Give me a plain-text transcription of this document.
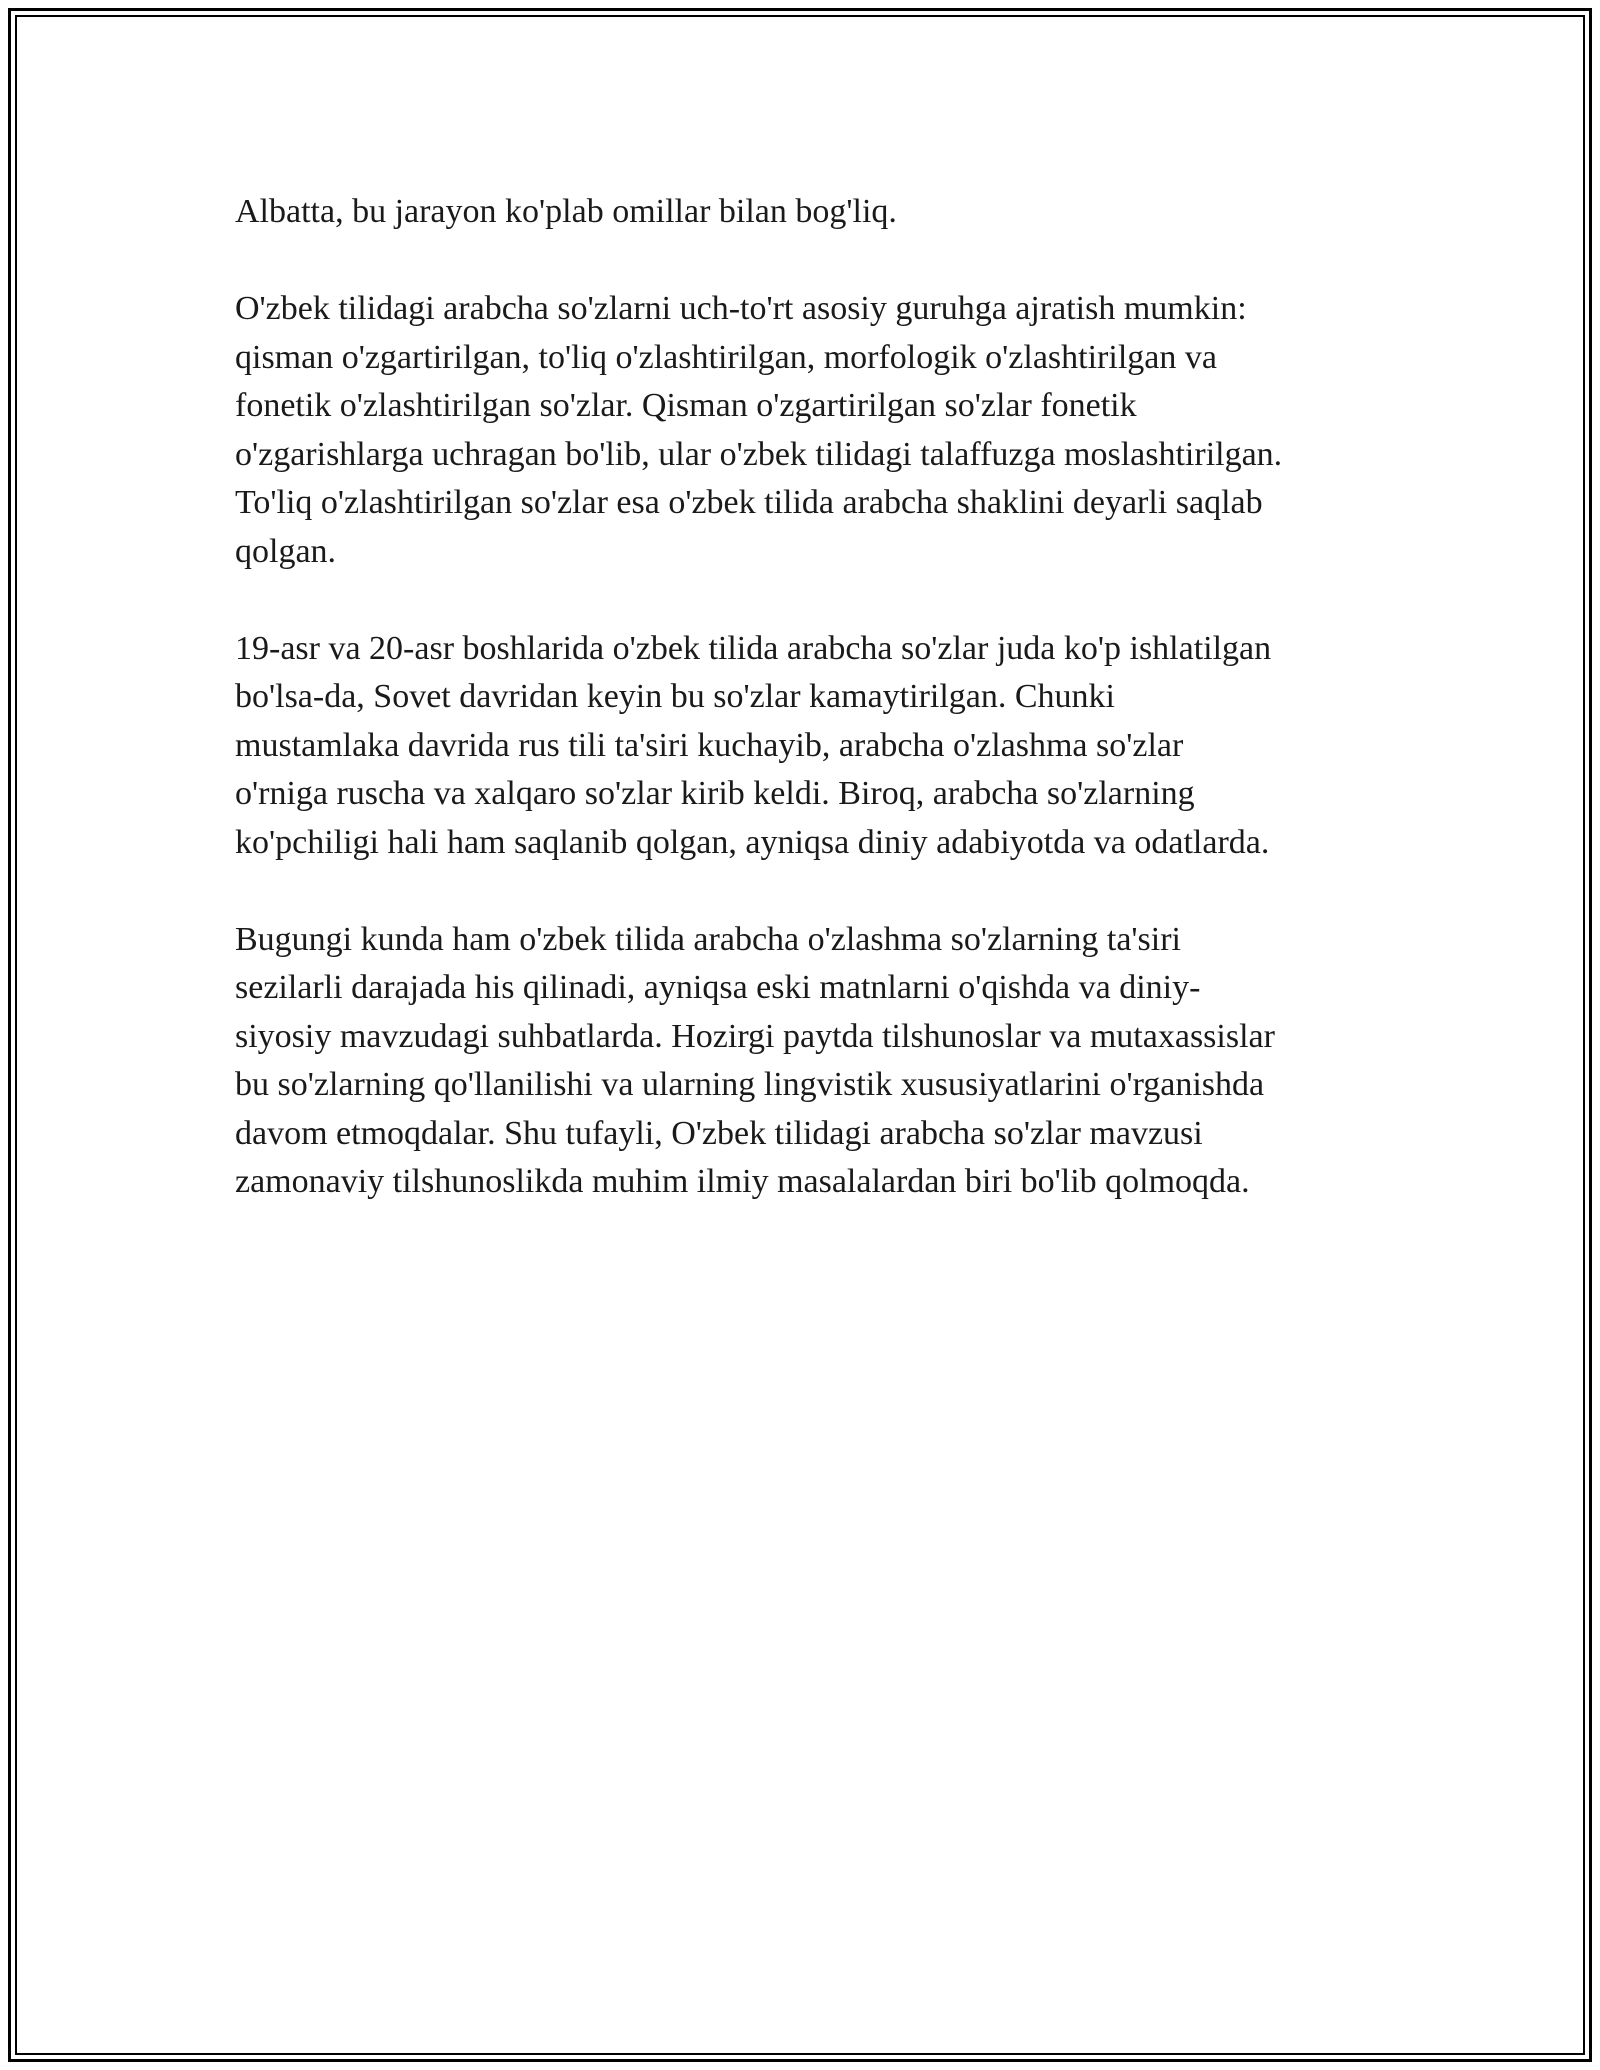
Albatta, bu jarayon ko'plab omillar bilan bog'liq.

O'zbek tilidagi arabcha so'zlarni uch-to'rt asosiy guruhga ajratish mumkin:
qisman o'zgartirilgan, to'liq o'zlashtirilgan, morfologik o'zlashtirilgan va
fonetik o'zlashtirilgan so'zlar. Qisman o'zgartirilgan so'zlar fonetik
o'zgarishlarga uchragan bo'lib, ular o'zbek tilidagi talaffuzga moslashtirilgan.
To'liq o'zlashtirilgan so'zlar esa o'zbek tilida arabcha shaklini deyarli saqlab
qolgan.

19-asr va 20-asr boshlarida o'zbek tilida arabcha so'zlar juda ko'p ishlatilgan
bo'lsa-da, Sovet davridan keyin bu so'zlar kamaytirilgan. Chunki
mustamlaka davrida rus tili ta'siri kuchayib, arabcha o'zlashma so'zlar
o'rniga ruscha va xalqaro so'zlar kirib keldi. Biroq, arabcha so'zlarning
ko'pchiligi hali ham saqlanib qolgan, ayniqsa diniy adabiyotda va odatlarda.

Bugungi kunda ham o'zbek tilida arabcha o'zlashma so'zlarning ta'siri
sezilarli darajada his qilinadi, ayniqsa eski matnlarni o'qishda va diniy-
siyosiy mavzudagi suhbatlarda. Hozirgi paytda tilshunoslar va mutaxassislar
bu so'zlarning qo'llanilishi va ularning lingvistik xususiyatlarini o'rganishda
davom etmoqdalar. Shu tufayli, O'zbek tilidagi arabcha so'zlar mavzusi
zamonaviy tilshunoslikda muhim ilmiy masalalardan biri bo'lib qolmoqda.
